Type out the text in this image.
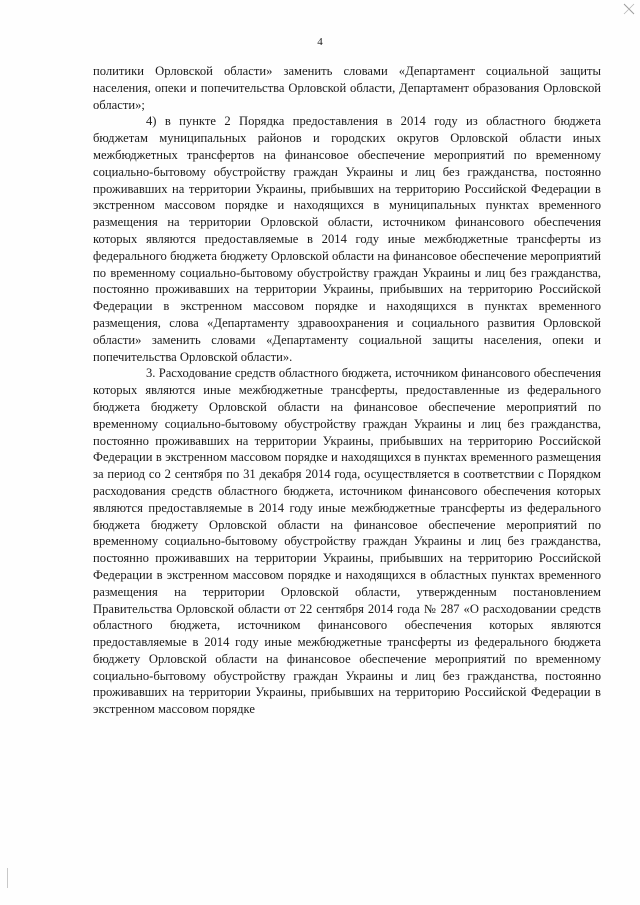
4

политики Орловской области» заменить словами «Департамент социальной защиты населения, опеки и попечительства Орловской области, Департамент образования Орловской области»;

4) в пункте 2 Порядка предоставления в 2014 году из областного бюджета бюджетам муниципальных районов и городских округов Орловской области иных межбюджетных трансфертов на финансовое обеспечение мероприятий по временному социально-бытовому обустройству граждан Украины и лиц без гражданства, постоянно проживавших на территории Украины, прибывших на территорию Российской Федерации в экстренном массовом порядке и находящихся в муниципальных пунктах временного размещения на территории Орловской области, источником финансового обеспечения которых являются предоставляемые в 2014 году иные межбюджетные трансферты из федерального бюджета бюджету Орловской области на финансовое обеспечение мероприятий по временному социально-бытовому обустройству граждан Украины и лиц без гражданства, постоянно проживавших на территории Украины, прибывших на территорию Российской Федерации в экстренном массовом порядке и находящихся в пунктах временного размещения, слова «Департаменту здравоохранения и социального развития Орловской области» заменить словами «Департаменту социальной защиты населения, опеки и попечительства Орловской области».

3. Расходование средств областного бюджета, источником финансового обеспечения которых являются иные межбюджетные трансферты, предоставленные из федерального бюджета бюджету Орловской области на финансовое обеспечение мероприятий по временному социально-бытовому обустройству граждан Украины и лиц без гражданства, постоянно проживавших на территории Украины, прибывших на территорию Российской Федерации в экстренном массовом порядке и находящихся в пунктах временного размещения за период со 2 сентября по 31 декабря 2014 года, осуществляется в соответствии с Порядком расходования средств областного бюджета, источником финансового обеспечения которых являются предоставляемые в 2014 году иные межбюджетные трансферты из федерального бюджета бюджету Орловской области на финансовое обеспечение мероприятий по временному социально-бытовому обустройству граждан Украины и лиц без гражданства, постоянно проживавших на территории Украины, прибывших на территорию Российской Федерации в экстренном массовом порядке и находящихся в областных пунктах временного размещения на территории Орловской области, утвержденным постановлением Правительства Орловской области от 22 сентября 2014 года № 287 «О расходовании средств областного бюджета, источником финансового обеспечения которых являются предоставляемые в 2014 году иные межбюджетные трансферты из федерального бюджета бюджету Орловской области на финансовое обеспечение мероприятий по временному социально-бытовому обустройству граждан Украины и лиц без гражданства, постоянно проживавших на территории Украины, прибывших на территорию Российской Федерации в экстренном массовом порядке
